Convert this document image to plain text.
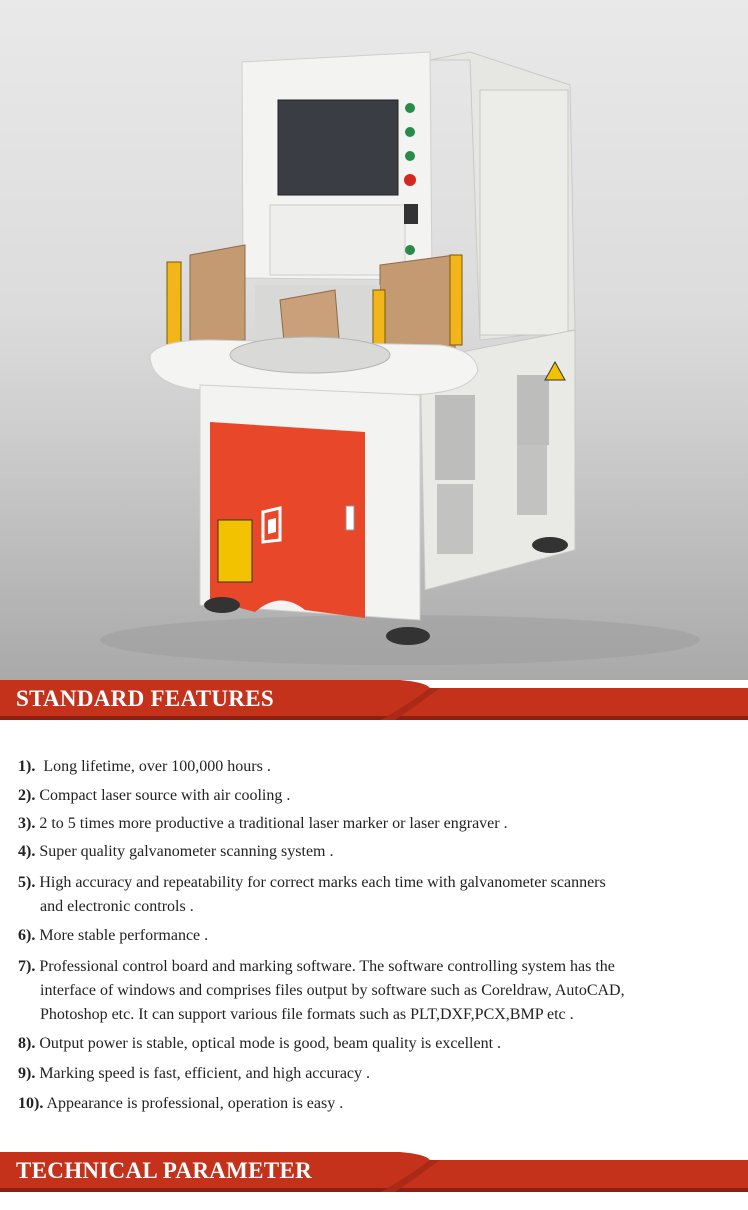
STANDARD FEATURES
1).  Long lifetime, over 100,000 hours .
2). Compact laser source with air cooling .
3). 2 to 5 times more productive a traditional laser marker or laser engraver .
4). Super quality galvanometer scanning system .
5). High accuracy and repeatability for correct marks each time with galvanometer scanners
and electronic controls .
6). More stable performance .
7). Professional control board and marking software. The software controlling system has the
interface of windows and comprises files output by software such as Coreldraw, AutoCAD,
Photoshop etc. It can support various file formats such as PLT,DXF,PCX,BMP etc .
8). Output power is stable, optical mode is good, beam quality is excellent .
9). Marking speed is fast, efficient, and high accuracy .
10). Appearance is professional, operation is easy .
TECHNICAL PARAMETER
